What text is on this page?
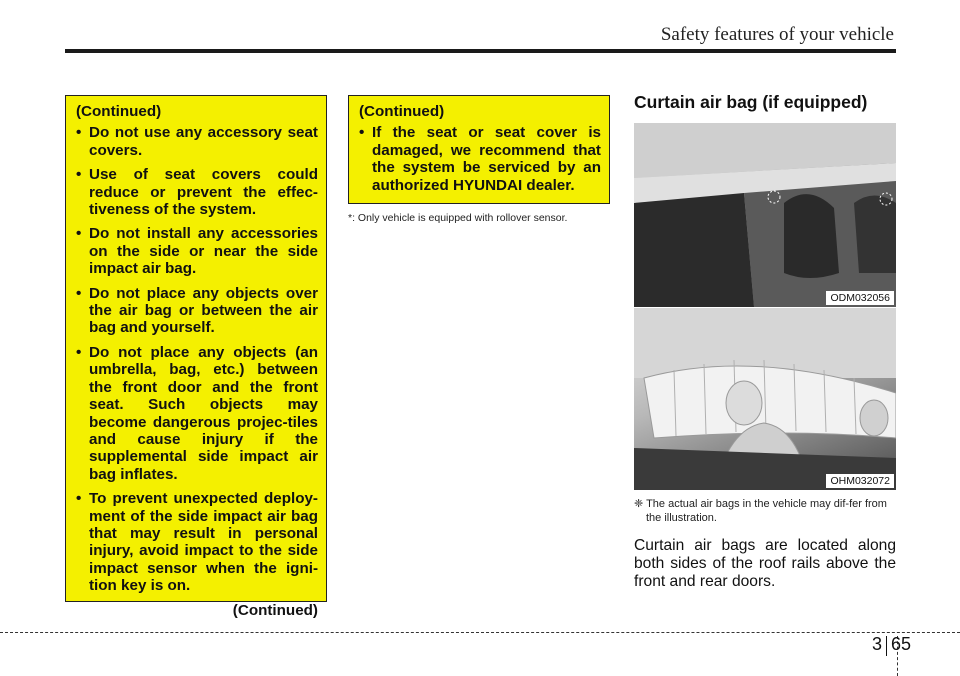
Safety features of your vehicle
(Continued)
• Do not use any accessory seat covers.
• Use of seat covers could reduce or prevent the effec-tiveness of the system.
• Do not install any accessories on the side or near the side impact air bag.
• Do not place any objects over the air bag or between the air bag and yourself.
• Do not place any objects (an umbrella, bag, etc.) between the front door and the front seat. Such objects may become dangerous projec-tiles and cause injury if the supplemental side impact air bag inflates.
• To prevent unexpected deploy-ment of the side impact air bag that may result in personal injury, avoid impact to the side impact sensor when the igni-tion key is on.
(Continued)
(Continued)
• If the seat or seat cover is damaged, we recommend that the system be serviced by an authorized HYUNDAI dealer.
*: Only vehicle is equipped with rollover sensor.
Curtain air bag (if equipped)
ODM032056
OHM032072
❈ The actual air bags in the vehicle may dif-fer from the illustration.
Curtain air bags are located along both sides of the roof rails above the front and rear doors.
3 65
